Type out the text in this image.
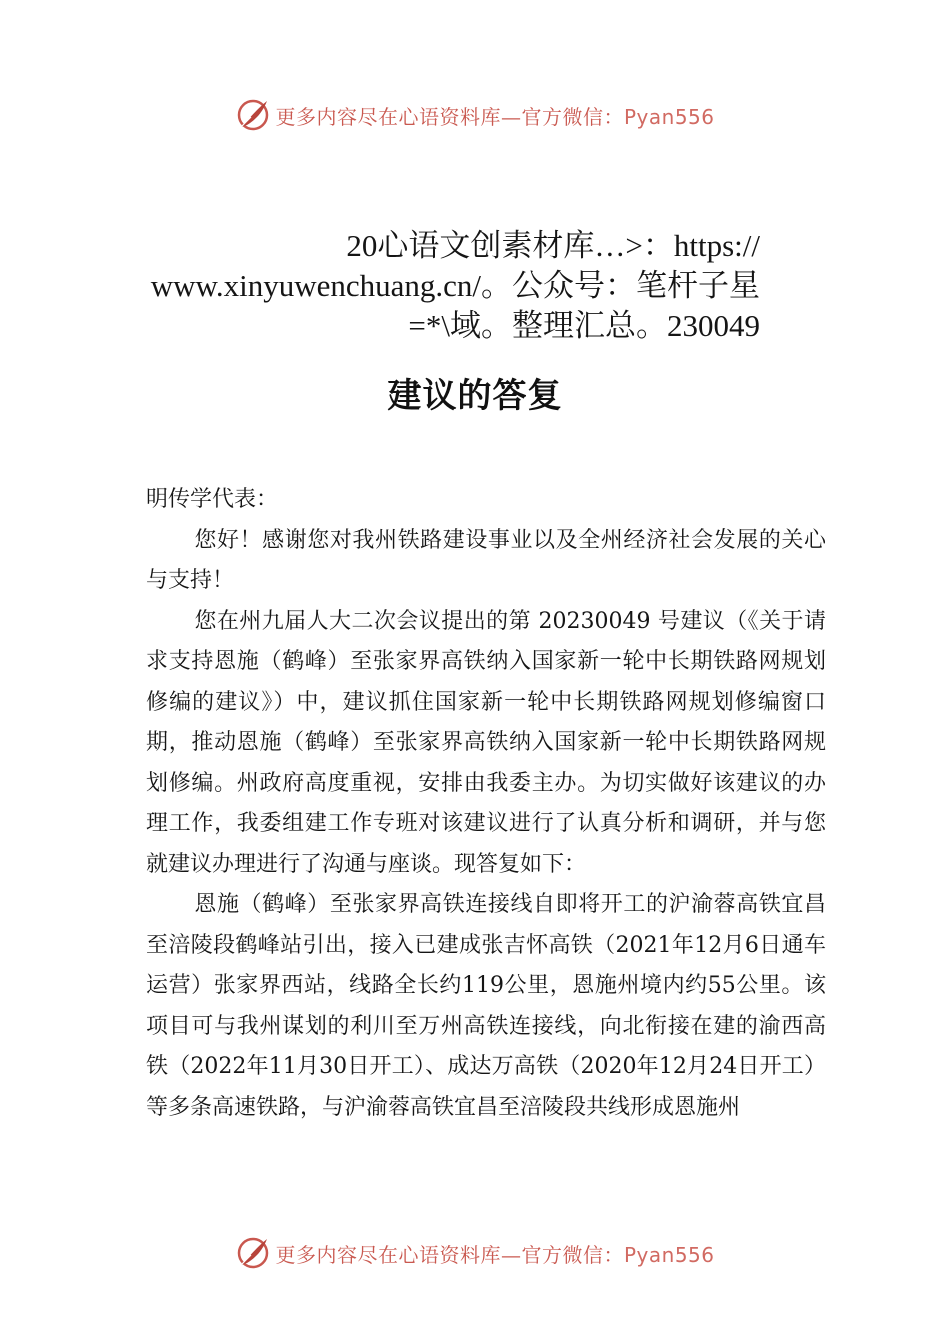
更多内容尽在心语资料库—官方微信：Pyan556
20心语文创素材库…>：https:// www.xinyuwenchuang.cn/。公众号：笔杆子星=*\域。整理汇总。230049
建议的答复

明传学代表：

您好！感谢您对我州铁路建设事业以及全州经济社会发展的关心与支持！

您在州九届人大二次会议提出的第 20230049 号建议（《关于请求支持恩施（鹤峰）至张家界高铁纳入国家新一轮中长期铁路网规划修编的建议》）中，建议抓住国家新一轮中长期铁路网规划修编窗口期，推动恩施（鹤峰）至张家界高铁纳入国家新一轮中长期铁路网规划修编。州政府高度重视，安排由我委主办。为切实做好该建议的办理工作，我委组建工作专班对该建议进行了认真分析和调研，并与您就建议办理进行了沟通与座谈。现答复如下：

恩施（鹤峰）至张家界高铁连接线自即将开工的沪渝蓉高铁宜昌至涪陵段鹤峰站引出，接入已建成张吉怀高铁（2021年12月6日通车运营）张家界西站，线路全长约119公里，恩施州境内约55公里。该项目可与我州谋划的利川至万州高铁连接线，向北衔接在建的渝西高铁（2022年11月30日开工）、成达万高铁（2020年12月24日开工）等多条高速铁路，与沪渝蓉高铁宜昌至涪陵段共线形成恩施州

更多内容尽在心语资料库—官方微信：Pyan556
